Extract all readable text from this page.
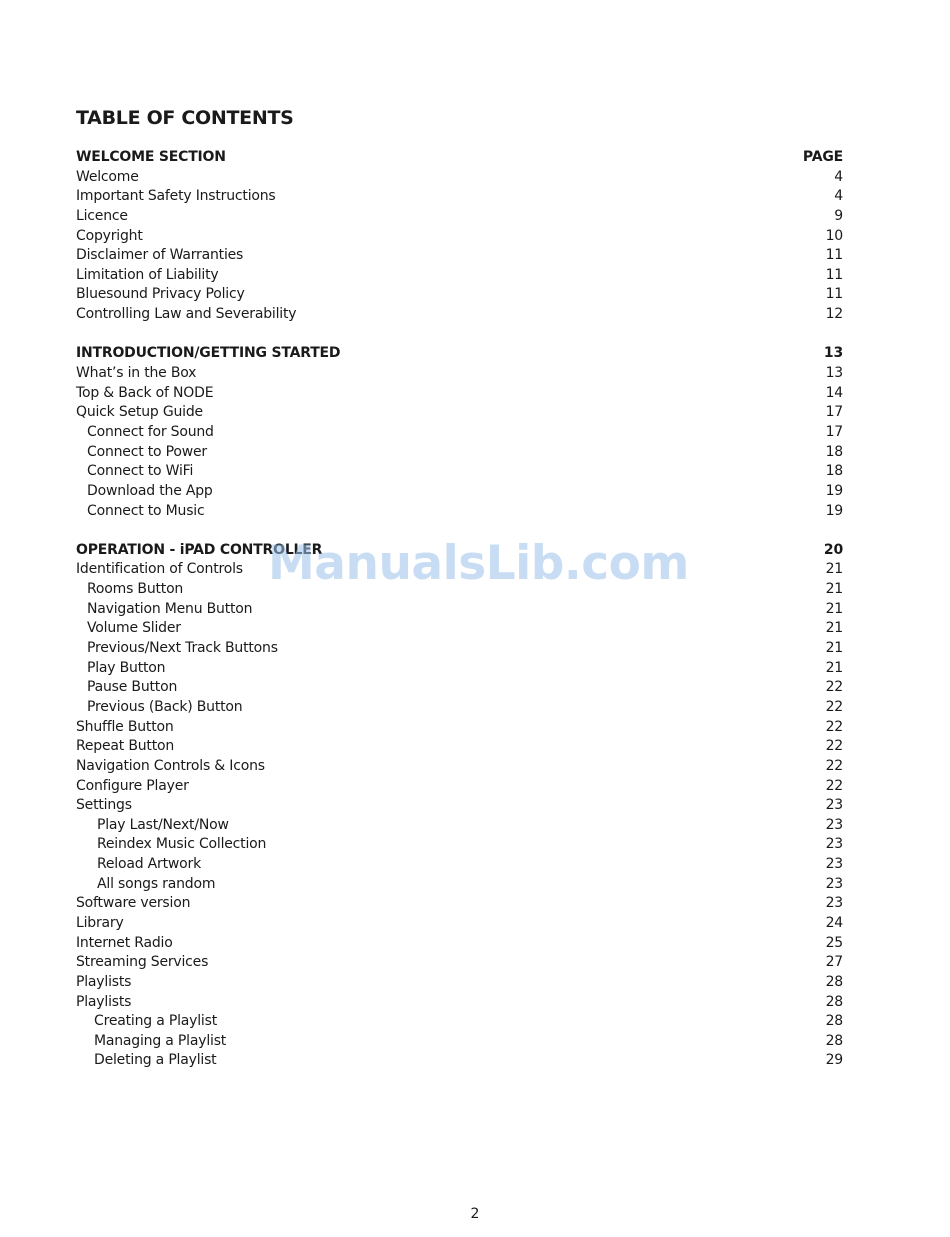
TABLE OF CONTENTS
WELCOME SECTION	PAGE
Welcome	4
Important Safety Instructions	4
Licence	9
Copyright	10
Disclaimer of Warranties	11
Limitation of Liability	11
Bluesound Privacy Policy	11
Controlling Law and Severability	12
INTRODUCTION/GETTING STARTED	13
What’s in the Box	13
Top & Back of NODE	14
Quick Setup Guide	17
Connect for Sound	17
Connect to Power	18
Connect to WiFi	18
Download the App	19
Connect to Music	19
OPERATION - iPAD CONTROLLER	20
Identification of Controls	21
Rooms Button	21
Navigation Menu Button	21
Volume Slider	21
Previous/Next Track Buttons	21
Play Button	21
Pause Button	22
Previous (Back) Button	22
Shuffle Button	22
Repeat Button	22
Navigation Controls & Icons	22
Configure Player	22
Settings	23
Play Last/Next/Now	23
Reindex Music Collection	23
Reload Artwork	23
All songs random	23
Software version	23
Library	24
Internet Radio	25
Streaming Services	27
Playlists	28
Playlists	28
Creating a Playlist	28
Managing a Playlist	28
Deleting a Playlist	29
ManualsLib.com
2
